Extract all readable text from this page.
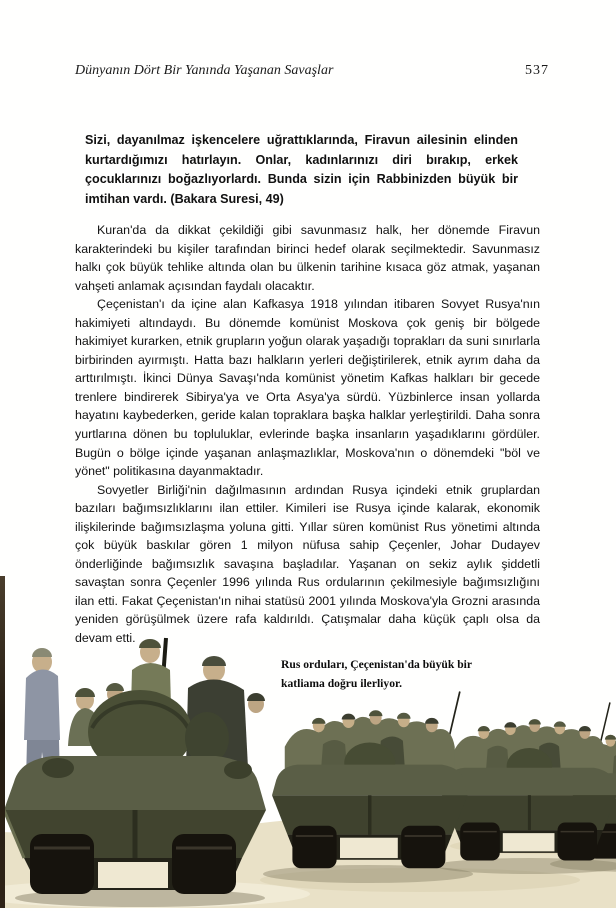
Dünyanın Dört Bir Yanında Yaşanan Savaşlar	537
Sizi, dayanılmaz işkencelere uğrattıklarında, Firavun ailesinin elinden kurtardığımızı hatırlayın. Onlar, kadınlarınızı diri bırakıp, erkek çocuklarınızı boğazlıyorlardı. Bunda sizin için Rabbinizden büyük bir imtihan vardı. (Bakara Suresi, 49)

Kuran'da da dikkat çekildiği gibi savunmasız halk, her dönemde Firavun karakterindeki bu kişiler tarafından birinci hedef olarak seçilmektedir. Savunmasız halkı çok büyük tehlike altında olan bu ülkenin tarihine kısaca göz atmak, yaşanan vahşeti anlamak açısından faydalı olacaktır.

Çeçenistan'ı da içine alan Kafkasya 1918 yılından itibaren Sovyet Rusya'nın hakimiyeti altındaydı. Bu dönemde komünist Moskova çok geniş bir bölgede hakimiyet kurarken, etnik grupların yoğun olarak yaşadığı toprakları da suni sınırlarla birbirinden ayırmıştı. Hatta bazı halkların yerleri değiştirilerek, etnik ayrım daha da arttırılmıştı. İkinci Dünya Savaşı'nda komünist yönetim Kafkas halkları bir gecede trenlere bindirerek Sibirya'ya ve Orta Asya'ya sürdü. Yüzbinlerce insan yollarda hayatını kaybederken, geride kalan topraklara başka halklar yerleştirildi. Daha sonra yurtlarına dönen bu topluluklar, evlerinde başka insanların yaşadıklarını gördüler. Bugün o bölge içinde yaşanan anlaşmazlıklar, Moskova'nın o dönemdeki "böl ve yönet" politikasına dayanmaktadır.

Sovyetler Birliği'nin dağılmasının ardından Rusya içindeki etnik gruplardan bazıları bağımsızlıklarını ilan ettiler. Kimileri ise Rusya içinde kalarak, ekonomik ilişkilerinde bağımsızlaşma yoluna gitti. Yıllar süren komünist Rus yönetimi altında çok büyük baskılar gören 1 milyon nüfusa sahip Çeçenler, Johar Dudayev önderliğinde bağımsızlık savaşına başladılar. Yaşanan on sekiz aylık şiddetli savaştan sonra Çeçenler 1996 yılında Rus ordularının çekilmesiyle bağımsızlığını ilan etti. Fakat Çeçenistan'ın nihai statüsü 2001 yılında Moskova'yla Grozni arasında yeniden görüşülmek üzere rafa kaldırıldı. Çatışmalar daha küçük çaplı olsa da devam etti.

Rus orduları, Çeçenistan'da büyük bir
katliama doğru ilerliyor.
